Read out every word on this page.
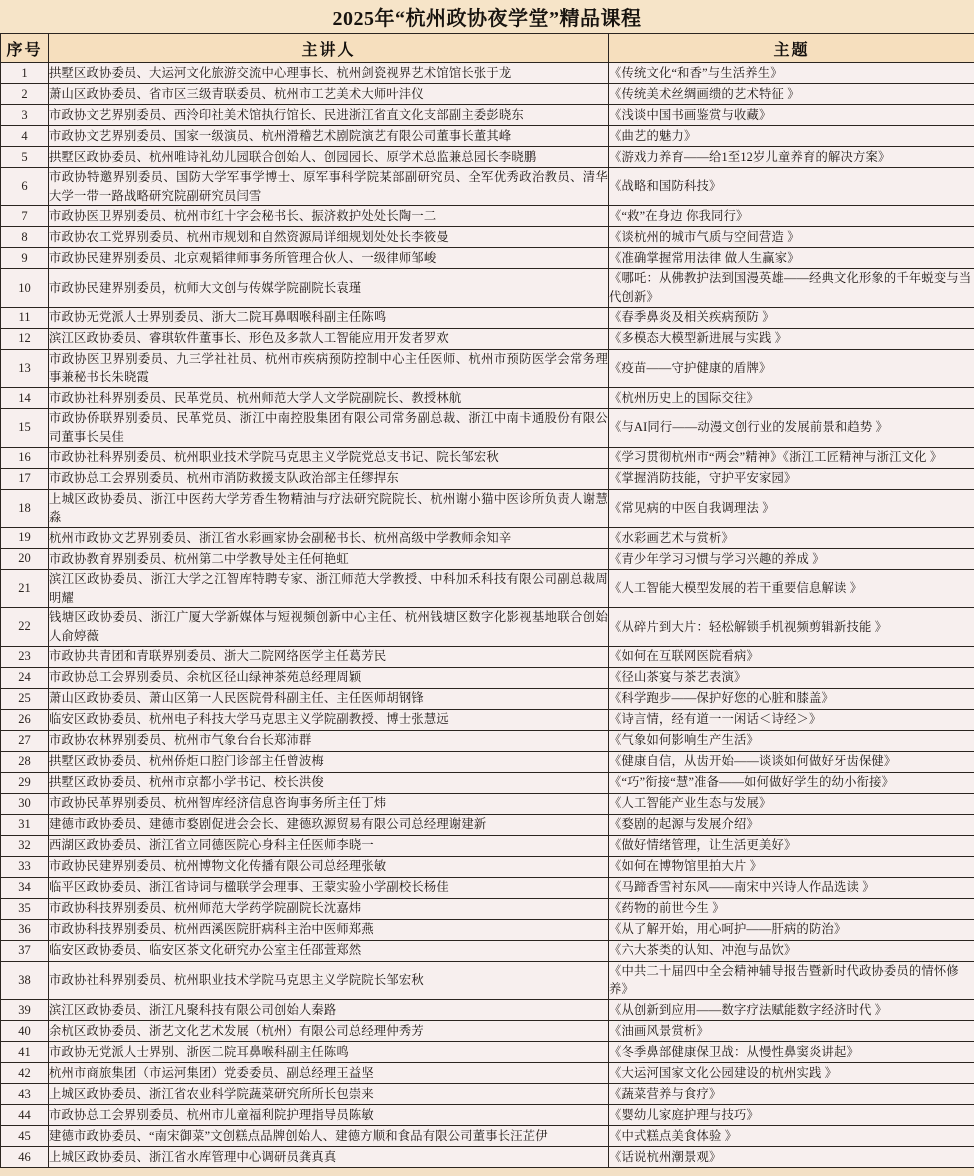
2025年“杭州政协夜学堂”精品课程
序号	主讲人	主题
1	拱墅区政协委员、大运河文化旅游交流中心理事长、杭州剑瓷视界艺术馆馆长张于龙	《传统文化“和香”与生活养生》
2	萧山区政协委员、省市区三级青联委员、杭州市工艺美术大师叶沣仪	《传统美术丝绸画缋的艺术特征 》
3	市政协文艺界别委员、西泠印社美术馆执行馆长、民进浙江省直文化支部副主委彭晓东	《浅谈中国书画鉴赏与收藏》
4	市政协文艺界别委员、国家一级演员、杭州滑稽艺术剧院演艺有限公司董事长董其峰	《曲艺的魅力》
5	拱墅区政协委员、杭州唯诗礼幼儿园联合创始人、创园园长、原学术总监兼总园长李晓鹏	《游戏力养育——给1至12岁儿童养育的解决方案》
6	市政协特邀界别委员、国防大学军事学博士、原军事科学院某部副研究员、全军优秀政治教员、清华大学一带一路战略研究院副研究员闫雪	《战略和国防科技》
7	市政协医卫界别委员、杭州市红十字会秘书长、振济救护处处长陶一二	《“救”在身边 你我同行》
8	市政协农工党界别委员、杭州市规划和自然资源局详细规划处处长李筱曼	《谈杭州的城市气质与空间营造 》
9	市政协民建界别委员、北京观韬律师事务所管理合伙人、一级律师邹峻	《准确掌握常用法律 做人生赢家》
10	市政协民建界别委员，杭师大文创与传媒学院副院长袁瑾	《哪吒：从佛教护法到国漫英雄——经典文化形象的千年蜕变与当代创新》
11	市政协无党派人士界别委员、浙大二院耳鼻咽喉科副主任陈鸣	《春季鼻炎及相关疾病预防 》
12	滨江区政协委员、睿琪软件董事长、形色及多款人工智能应用开发者罗欢	《多模态大模型新进展与实践 》
13	市政协医卫界别委员、九三学社社员、杭州市疾病预防控制中心主任医师、杭州市预防医学会常务理事兼秘书长朱晓霞	《疫苗——守护健康的盾牌》
14	市政协社科界别委员、民革党员、杭州师范大学人文学院副院长、教授林航	《杭州历史上的国际交往》
15	市政协侨联界别委员、民革党员、浙江中南控股集团有限公司常务副总裁、浙江中南卡通股份有限公司董事长吴佳	《与AI同行——动漫文创行业的发展前景和趋势 》
16	市政协社科界别委员、杭州职业技术学院马克思主义学院党总支书记、院长邹宏秋	《学习贯彻杭州市“两会”精神》《浙江工匠精神与浙江文化 》
17	市政协总工会界别委员、杭州市消防救援支队政治部主任缪捍东	《掌握消防技能，守护平安家园》
18	上城区政协委员、浙江中医药大学芳香生物精油与疗法研究院院长、杭州谢小猫中医诊所负责人谢慧淼	《常见病的中医自我调理法 》
19	杭州市政协文艺界别委员、浙江省水彩画家协会副秘书长、杭州高级中学教师余知辛	《水彩画艺术与赏析》
20	市政协教育界别委员、杭州第二中学教导处主任何艳虹	《青少年学习习惯与学习兴趣的养成 》
21	滨江区政协委员、浙江大学之江智库特聘专家、浙江师范大学教授、中科加禾科技有限公司副总裁周明耀	《人工智能大模型发展的若干重要信息解读 》
22	钱塘区政协委员、浙江广厦大学新媒体与短视频创新中心主任、杭州钱塘区数字化影视基地联合创始人俞婷薇	《从碎片到大片：轻松解锁手机视频剪辑新技能 》
23	市政协共青团和青联界别委员、浙大二院网络医学主任葛芳民	《如何在互联网医院看病》
24	市政协总工会界别委员、余杭区径山绿神茶苑总经理周颖	《径山茶宴与茶艺表演》
25	萧山区政协委员、萧山区第一人民医院骨科副主任、主任医师胡钢锋	《科学跑步——保护好您的心脏和膝盖》
26	临安区政协委员、杭州电子科技大学马克思主义学院副教授、博士张慧远	《诗言情，经有道一一闲话＜诗经＞》
27	市政协农林界别委员、杭州市气象台台长郑沛群	《气象如何影响生产生活》
28	拱墅区政协委员、杭州侨炬口腔门诊部主任曾波梅	《健康自信，从齿开始——谈谈如何做好牙齿保健》
29	拱墅区政协委员、杭州市京都小学书记、校长洪俊	《“巧”衔接“慧”准备——如何做好学生的幼小衔接》
30	市政协民革界别委员、杭州智库经济信息咨询事务所主任丁炜	《人工智能产业生态与发展》
31	建德市政协委员、建德市婺剧促进会会长、建德玖源贸易有限公司总经理谢建新	《婺剧的起源与发展介绍》
32	西湖区政协委员、浙江省立同德医院心身科主任医师李晓一	《做好情绪管理，让生活更美好》
33	市政协民建界别委员、杭州博物文化传播有限公司总经理张敏	《如何在博物馆里拍大片 》
34	临平区政协委员、浙江省诗词与楹联学会理事、王蒙实验小学副校长杨佳	《马蹄香雪衬东风——南宋中兴诗人作品选读 》
35	市政协科技界别委员、杭州师范大学药学院副院长沈嘉炜	《药物的前世今生 》
36	市政协科技界别委员、杭州西溪医院肝病科主治中医师郑燕	《从了解开始，用心呵护——肝病的防治》
37	临安区政协委员、临安区茶文化研究办公室主任邵萱郑然	《六大茶类的认知、冲泡与品饮》
38	市政协社科界别委员、杭州职业技术学院马克思主义学院院长邹宏秋	《中共二十届四中全会精神辅导报告暨新时代政协委员的情怀修养》
39	滨江区政协委员、浙江凡聚科技有限公司创始人秦路	《从创新到应用——数字疗法赋能数字经济时代 》
40	余杭区政协委员、浙艺文化艺术发展（杭州）有限公司总经理仲秀芳	《油画风景赏析》
41	市政协无党派人士界别、浙医二院耳鼻喉科副主任陈鸣	《冬季鼻部健康保卫战：从慢性鼻窦炎讲起》
42	杭州市商旅集团（市运河集团）党委委员、副总经理王益坚	《大运河国家文化公园建设的杭州实践 》
43	上城区政协委员、浙江省农业科学院蔬菜研究所所长包崇来	《蔬菜营养与食疗》
44	市政协总工会界别委员、杭州市儿童福利院护理指导员陈敏	《婴幼儿家庭护理与技巧》
45	建德市政协委员、“南宋御菜”文创糕点品牌创始人、建德方顺和食品有限公司董事长汪芷伊	《中式糕点美食体验 》
46	上城区政协委员、浙江省水库管理中心调研员龚真真	《话说杭州潮景观》
